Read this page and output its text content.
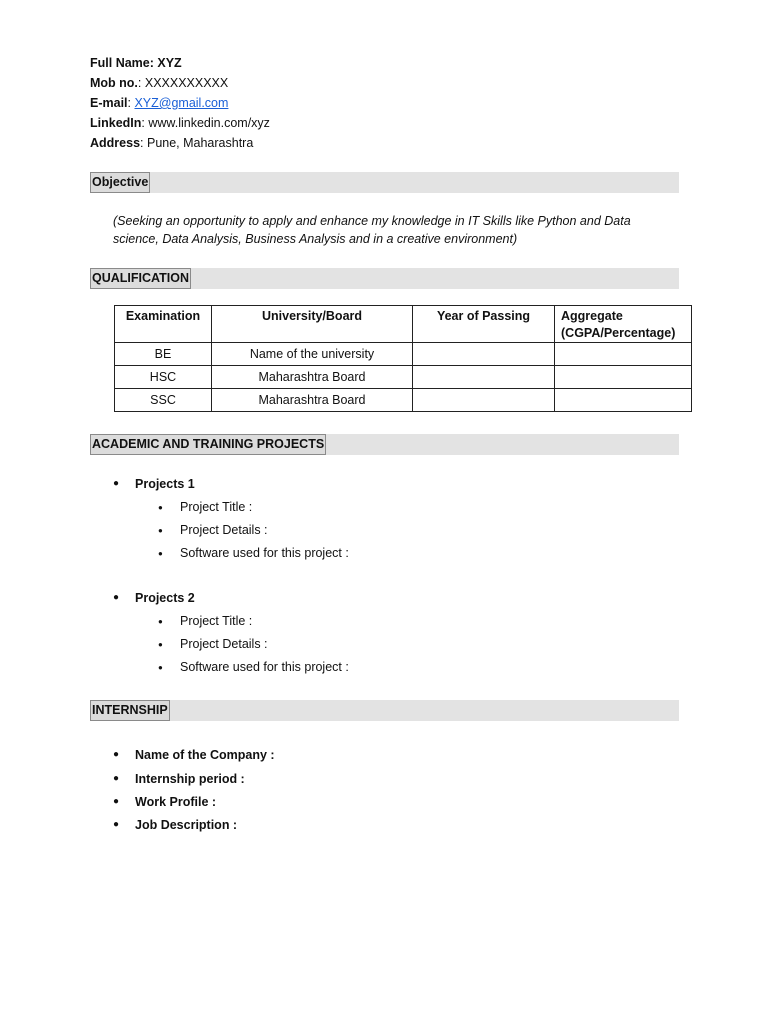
Full Name: XYZ
Mob no.: XXXXXXXXXX
E-mail: XYZ@gmail.com
LinkedIn: www.linkedin.com/xyz
Address: Pune, Maharashtra
Objective
(Seeking an opportunity to apply and enhance my knowledge in IT Skills like Python and Data science, Data Analysis, Business Analysis and in a creative environment)
QUALIFICATION
Examination	University/Board	Year of Passing	Aggregate (CGPA/Percentage)
BE	Name of the university		
HSC	Maharashtra Board		
SSC	Maharashtra Board		
ACADEMIC AND TRAINING PROJECTS
● Projects 1
● Project Title :
● Project Details :
● Software used for this project :
● Projects 2
● Project Title :
● Project Details :
● Software used for this project :
INTERNSHIP
● Name of the Company :
● Internship period :
● Work Profile :
● Job Description :
